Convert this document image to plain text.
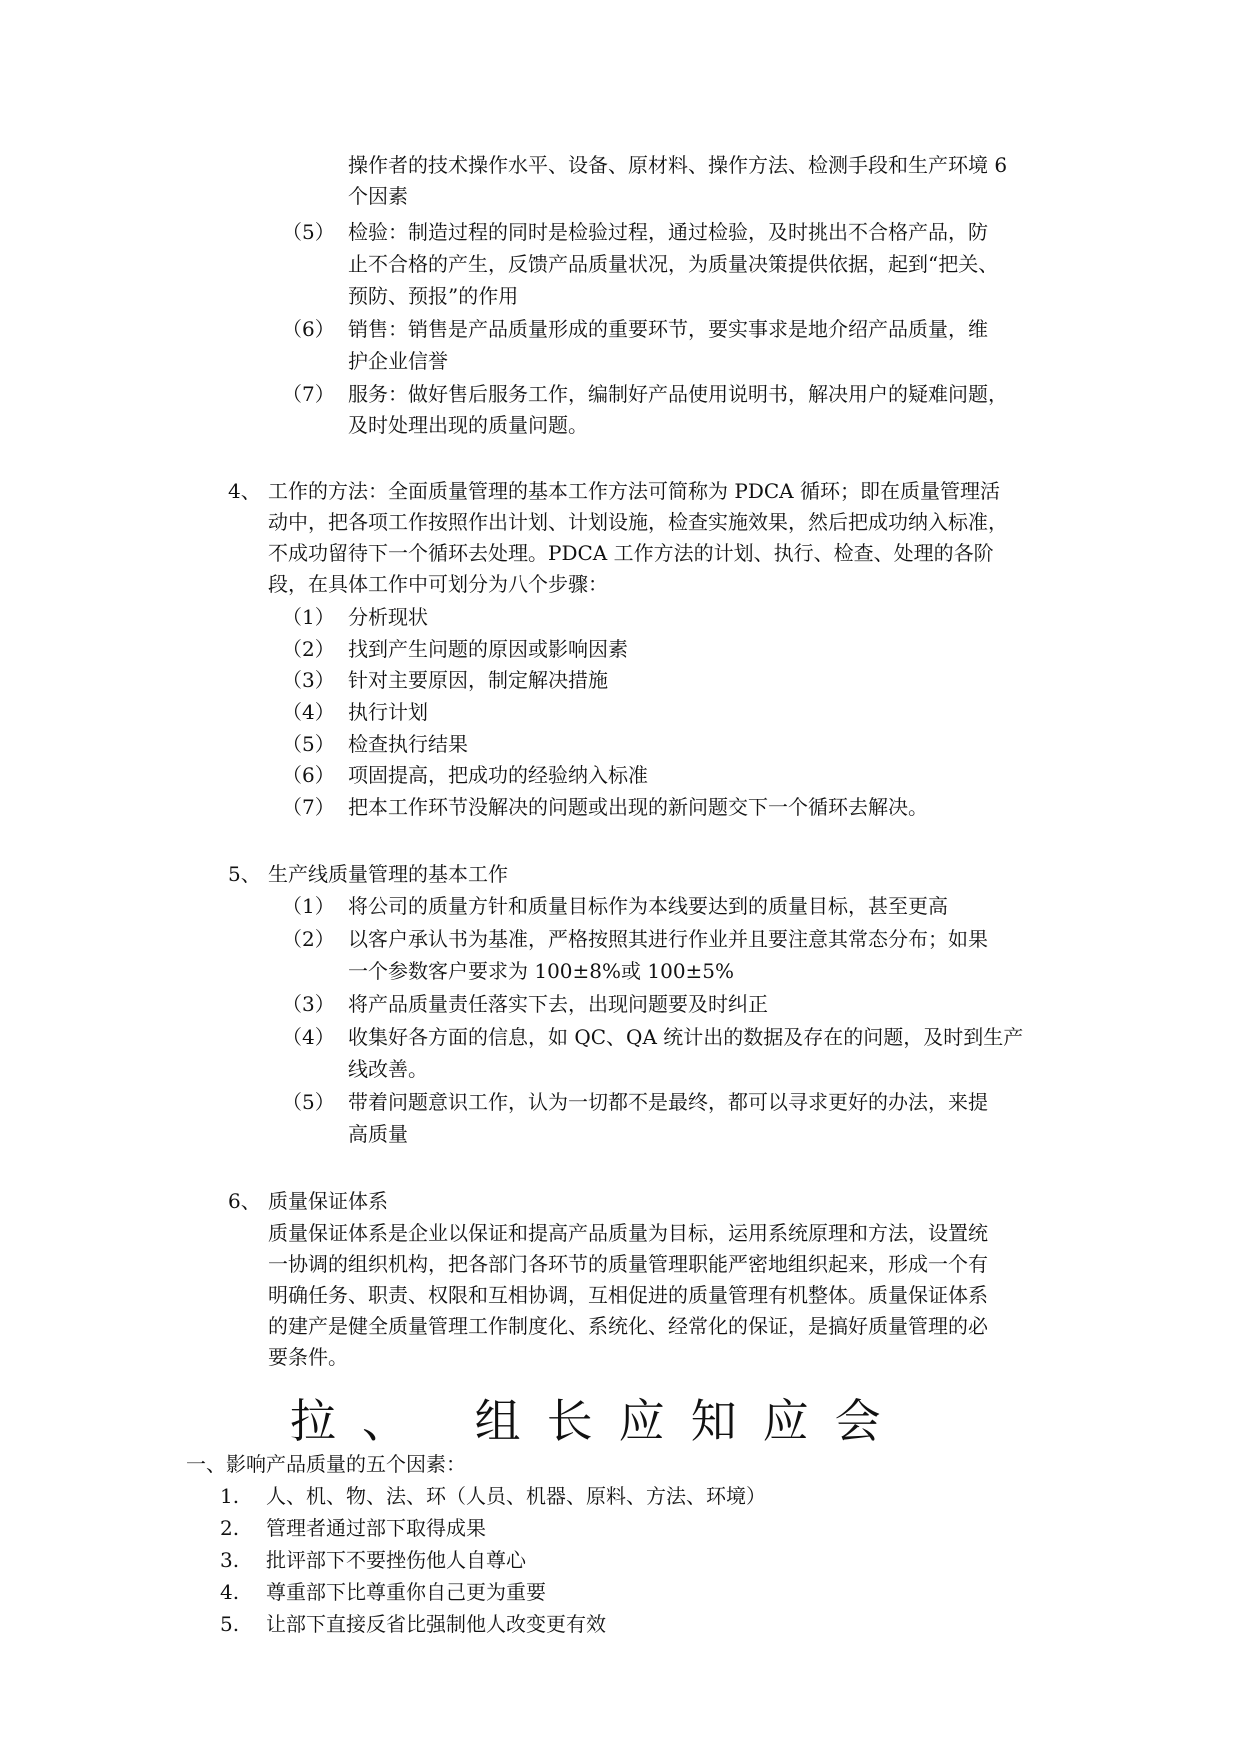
操作者的技术操作水平、设备、原材料、操作方法、检测手段和生产环境 6
个因素
（5） 检验：制造过程的同时是检验过程，通过检验，及时挑出不合格产品，防
止不合格的产生，反馈产品质量状况，为质量决策提供依据，起到“把关、
预防、预报”的作用
（6） 销售：销售是产品质量形成的重要环节，要实事求是地介绍产品质量，维
护企业信誉
（7） 服务：做好售后服务工作，编制好产品使用说明书，解决用户的疑难问题，
及时处理出现的质量问题。
4、 工作的方法：全面质量管理的基本工作方法可简称为 PDCA 循环；即在质量管理活
动中，把各项工作按照作出计划、计划设施，检查实施效果，然后把成功纳入标准，
不成功留待下一个循环去处理。PDCA 工作方法的计划、执行、检查、处理的各阶
段，在具体工作中可划分为八个步骤：
（1） 分析现状
（2） 找到产生问题的原因或影响因素
（3） 针对主要原因，制定解决措施
（4） 执行计划
（5） 检查执行结果
（6） 项固提高，把成功的经验纳入标准
（7） 把本工作环节没解决的问题或出现的新问题交下一个循环去解决。
5、 生产线质量管理的基本工作
（1） 将公司的质量方针和质量目标作为本线要达到的质量目标，甚至更高
（2） 以客户承认书为基准，严格按照其进行作业并且要注意其常态分布；如果
一个参数客户要求为 100±8%或 100±5%
（3） 将产品质量责任落实下去，出现问题要及时纠正
（4） 收集好各方面的信息，如 QC、QA 统计出的数据及存在的问题，及时到生产
线改善。
（5） 带着问题意识工作，认为一切都不是最终，都可以寻求更好的办法，来提
高质量
6、 质量保证体系
质量保证体系是企业以保证和提高产品质量为目标，运用系统原理和方法，设置统
一协调的组织机构，把各部门各环节的质量管理职能严密地组织起来，形成一个有
明确任务、职责、权限和互相协调，互相促进的质量管理有机整体。质量保证体系
的建产是健全质量管理工作制度化、系统化、经常化的保证，是搞好质量管理的必
要条件。
拉、 组长应知应会
一、影响产品质量的五个因素：
1. 人、机、物、法、环（人员、机器、原料、方法、环境）
2. 管理者通过部下取得成果
3. 批评部下不要挫伤他人自尊心
4. 尊重部下比尊重你自己更为重要
5. 让部下直接反省比强制他人改变更有效
